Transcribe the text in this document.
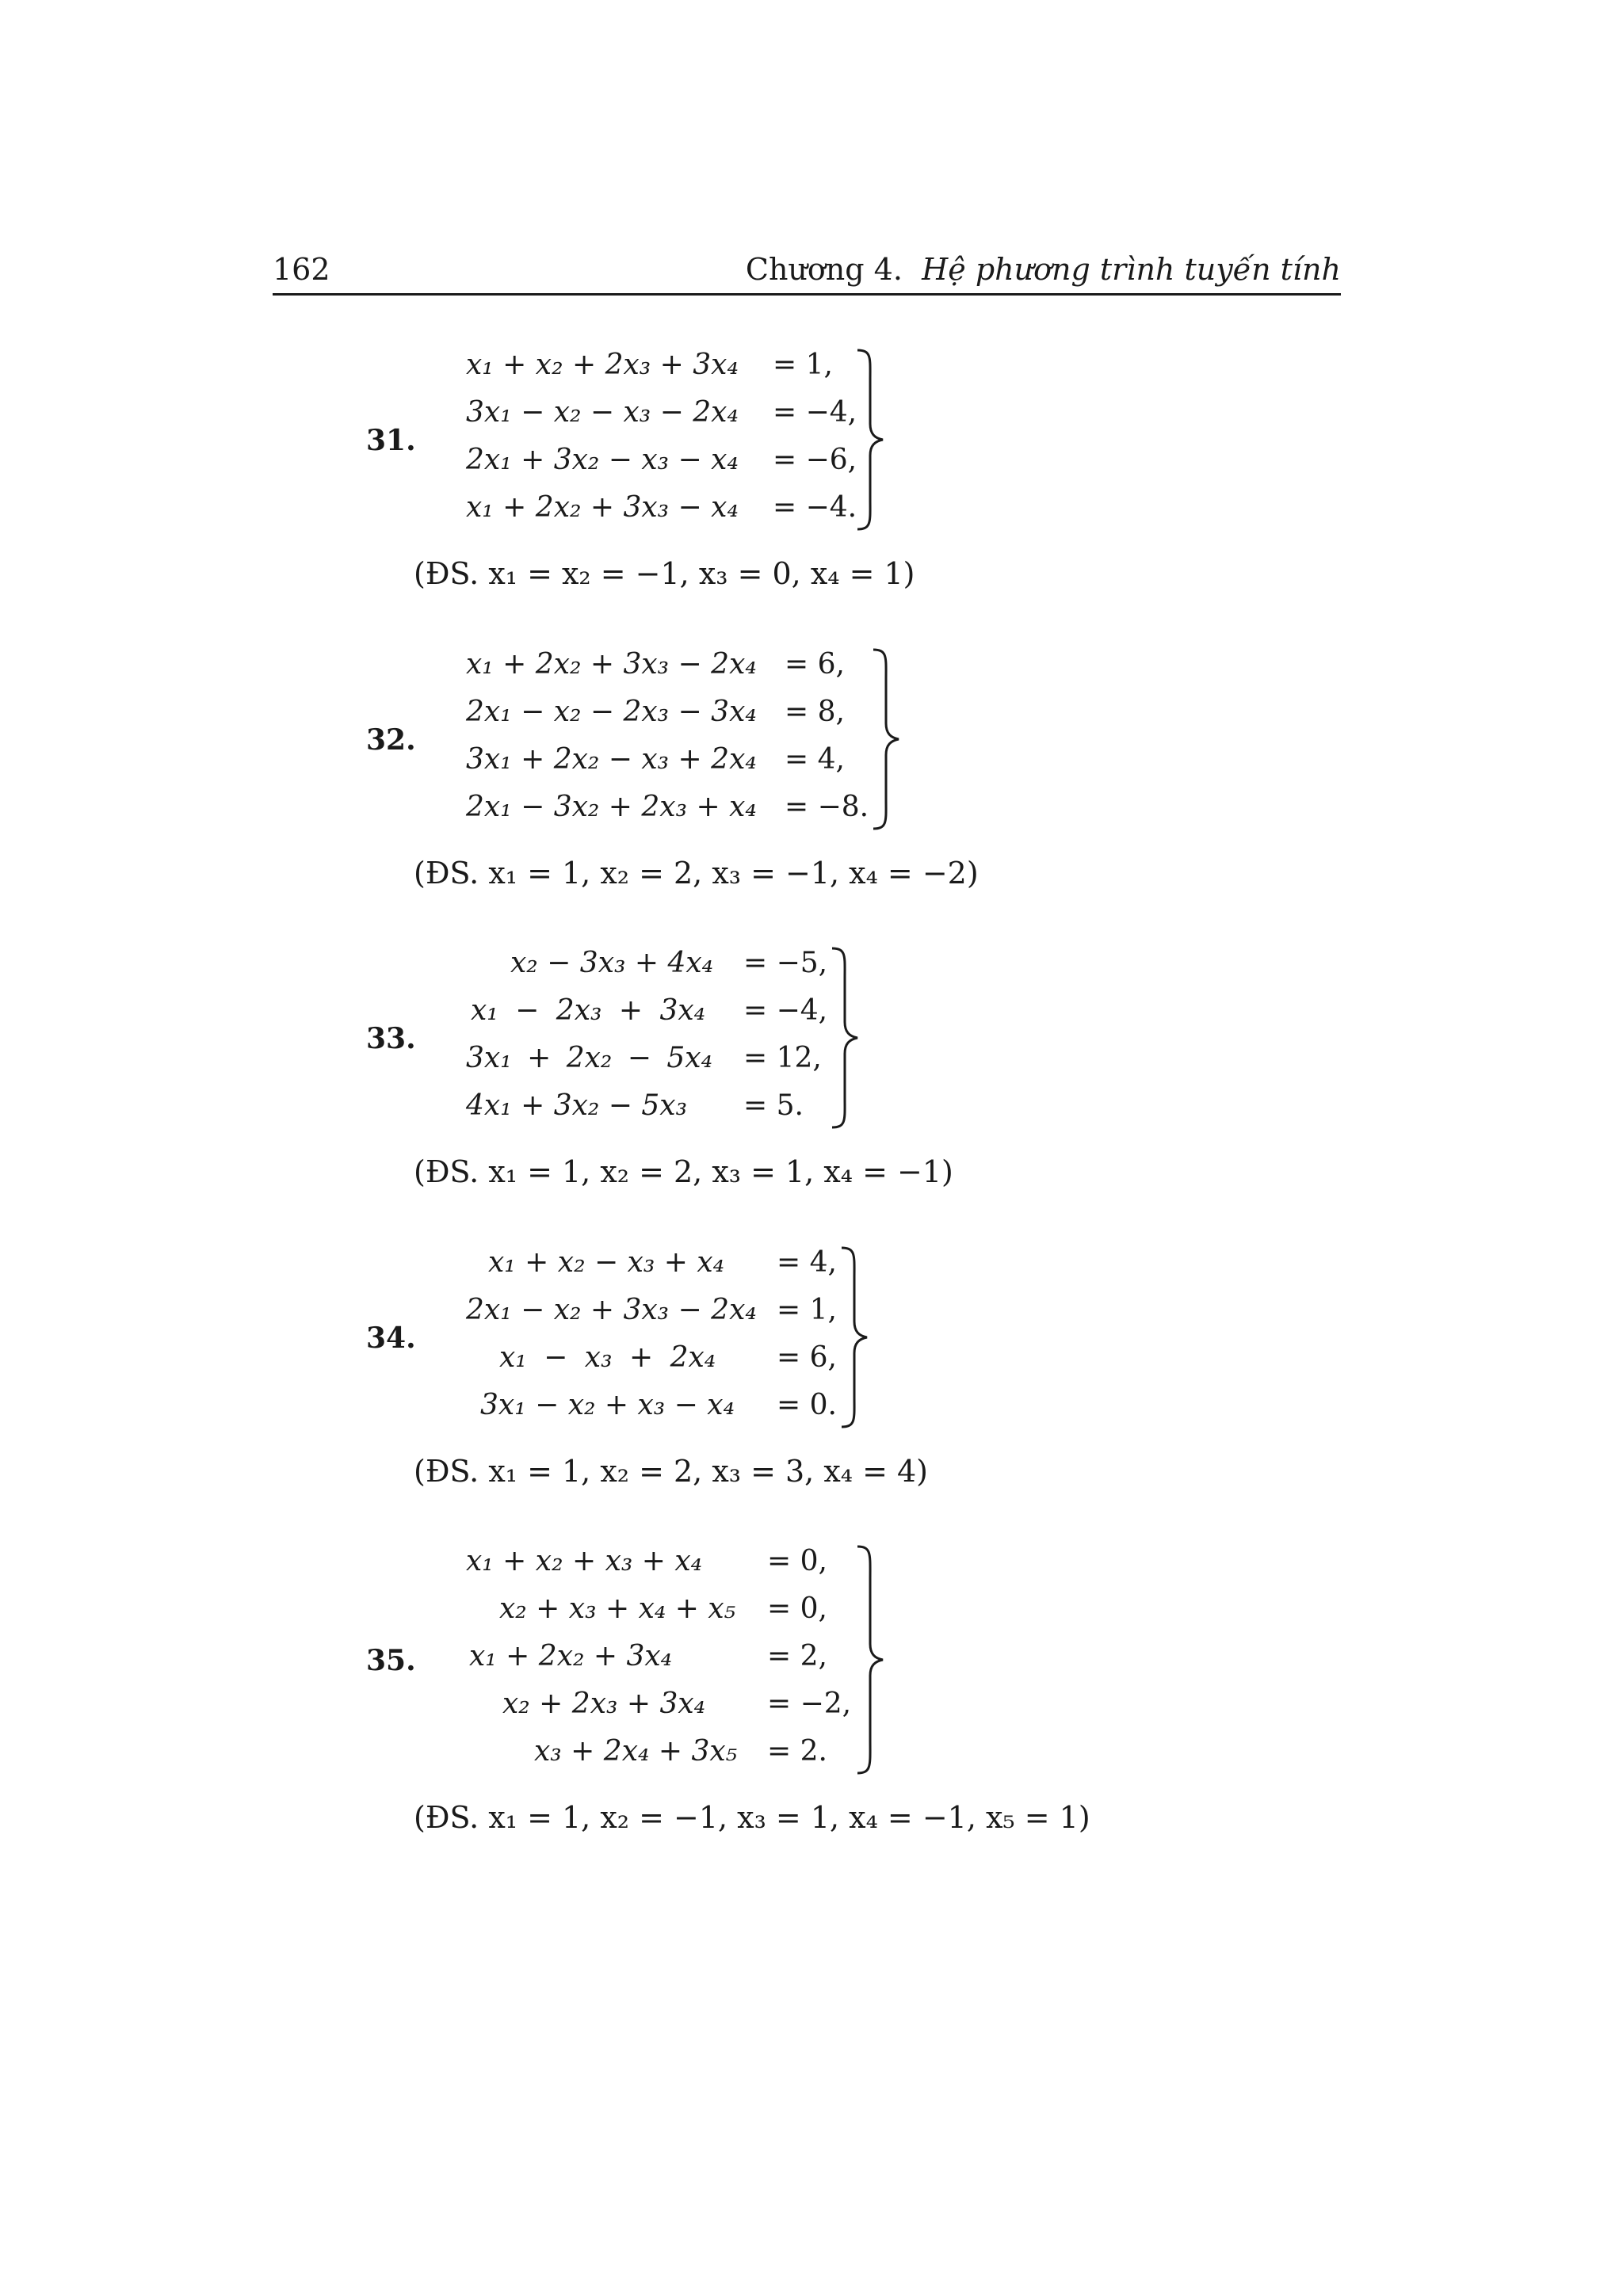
162	Chương 4. Hệ phương trình tuyến tính
31.
x₁ + x₂ + 2x₃ + 3x₄ = 1,
3x₁ − x₂ − x₃ − 2x₄ = −4,
2x₁ + 3x₂ − x₃ − x₄ = −6,
x₁ + 2x₂ + 3x₃ − x₄ = −4.
(ĐS. x₁ = x₂ = −1, x₃ = 0, x₄ = 1)
32.
x₁ + 2x₂ + 3x₃ − 2x₄ = 6,
2x₁ − x₂ − 2x₃ − 3x₄ = 8,
3x₁ + 2x₂ − x₃ + 2x₄ = 4,
2x₁ − 3x₂ + 2x₃ + x₄ = −8.
(ĐS. x₁ = 1, x₂ = 2, x₃ = −1, x₄ = −2)
33.
x₂ − 3x₃ + 4x₄ = −5,
x₁ − 2x₃ + 3x₄ = −4,
3x₁ + 2x₂ − 5x₄ = 12,
4x₁ + 3x₂ − 5x₃ = 5.
(ĐS. x₁ = 1, x₂ = 2, x₃ = 1, x₄ = −1)
34.
x₁ + x₂ − x₃ + x₄ = 4,
2x₁ − x₂ + 3x₃ − 2x₄ = 1,
x₁ − x₃ + 2x₄ = 6,
3x₁ − x₂ + x₃ − x₄ = 0.
(ĐS. x₁ = 1, x₂ = 2, x₃ = 3, x₄ = 4)
35.
x₁ + x₂ + x₃ + x₄ = 0,
x₂ + x₃ + x₄ + x₅ = 0,
x₁ + 2x₂ + 3x₄	= 2,
x₂ + 2x₃ + 3x₄ = −2,
x₃ + 2x₄ + 3x₅ = 2.
(ĐS. x₁ = 1, x₂ = −1, x₃ = 1, x₄ = −1, x₅ = 1)
